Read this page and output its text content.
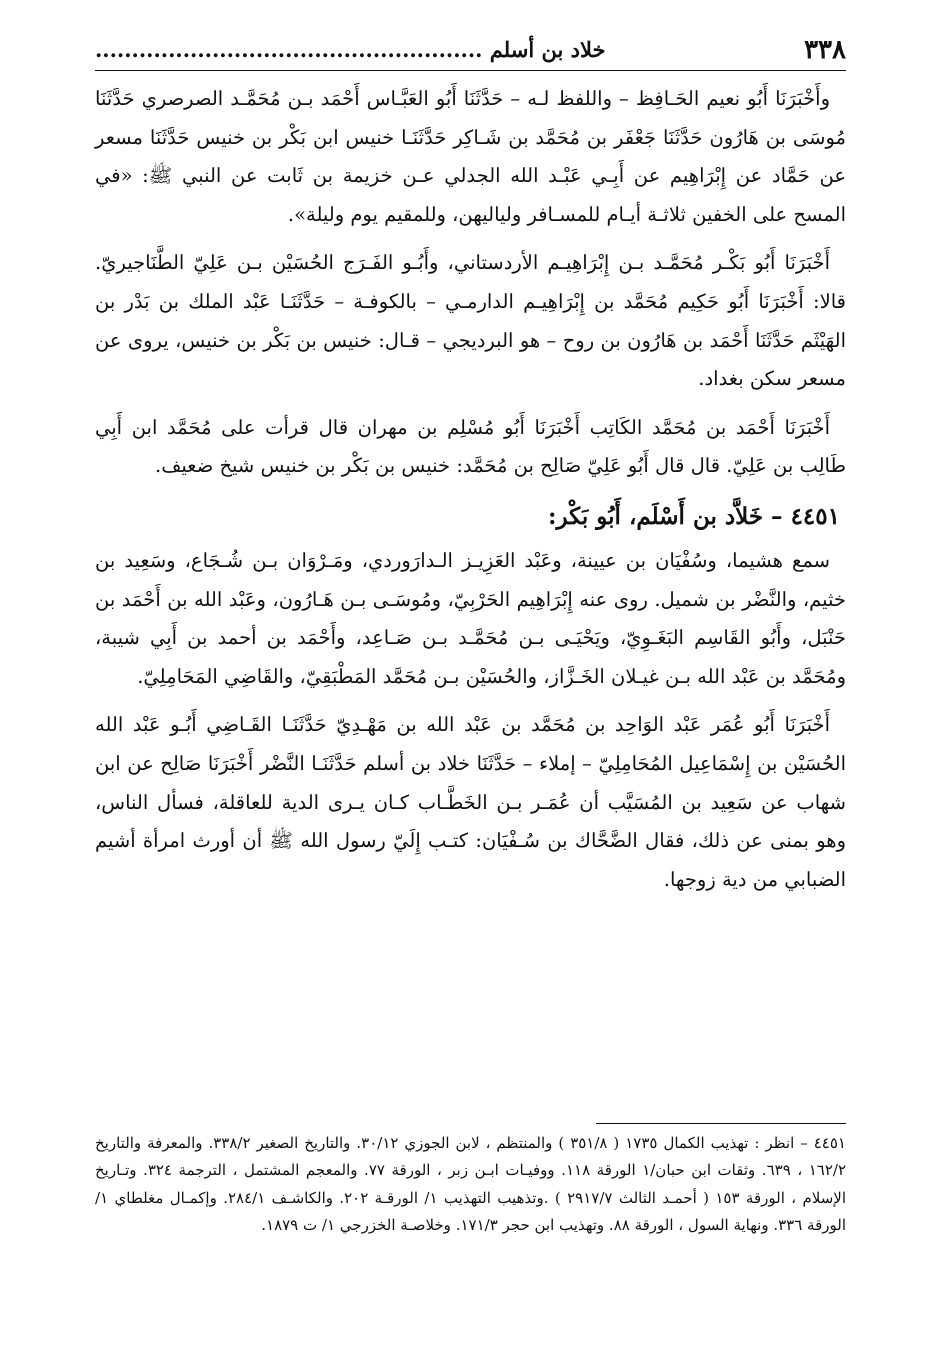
٣٣٨
خلاد بن أسلم .....................................................

وأَخْبَرَنَا أَبُو نعيم الحَـافِظ – واللفظ لـه – حَدَّثَنَا أَبُو العَبَّـاس أَحْمَد بـن مُحَمَّـد الصرصري حَدَّثَنَا مُوسَى بن هَارُون حَدَّثَنَا جَعْفَر بن مُحَمَّد بن شَـاكِر حَدَّثَنَـا خنيس ابن بَكْر بن خنيس حَدَّثَنَا مسعر عن حَمَّاد عن إِبْرَاهِيم عن أَبِـي عَبْـد الله الجدلي عـن خزيمة بن ثَابت عن النبي ﷺ: «في المسح على الخفين ثلاثـة أيـام للمسـافر ولياليهن، وللمقيم يوم وليلة».

أَخْبَرَنَا أَبُو بَكْـر مُحَمَّـد بـن إِبْرَاهِيـم الأردستاني، وأَبُـو الفَـرَج الحُسَيْن بـن عَلِيّ الطَّنَاجيريّ. قالا: أَخْبَرَنَا أَبُو حَكِيم مُحَمَّد بن إِبْرَاهِيـم الدارمـي – بالكوفـة – حَدَّثَنَـا عَبْد الملك بن بَدْر بن الهَيْثَم حَدَّثَنَا أَحْمَد بن هَارُون بن روح – هو البرديجي – قـال: خنيس بن بَكْر بن خنيس، يروى عن مسعر سكن بغداد.

أَخْبَرَنَا أَحْمَد بن مُحَمَّد الكَاتِب أَخْبَرَنَا أَبُو مُسْلِم بن مهران قال قرأت على مُحَمَّد ابن أَبِي طَالِب بن عَلِيّ. قال قال أَبُو عَلِيّ صَالِح بن مُحَمَّد: خنيس بن بَكْر بن خنيس شيخ ضعيف.

٤٤٥١ – خَلاَّد بن أَسْلَم، أَبُو بَكْر:

سمع هشيما، وسُفْيَان بن عيينة، وعَبْد العَزِيـز الـدارَوردي، ومَـرْوَان بـن شُـجَاع، وسَعِيد بن خثيم، والنَّضْر بن شميل. روى عنه إِبْرَاهِيم الحَرْبِيّ، ومُوسَـى بـن هَـارُون، وعَبْد الله بن أَحْمَد بن حَنْبَل، وأَبُو القَاسِم البَغَـوِيّ، ويَحْيَـى بـن مُحَمَّـد بـن صَـاعِد، وأَحْمَد بن أحمد بن أَبِي شيبة، ومُحَمَّد بن عَبْد الله بـن غيـلان الخَـزَّاز، والحُسَيْن بـن مُحَمَّد المَطْبَقِيّ، والقَاضِي المَحَامِلِيّ.

أَخْبَرَنَا أَبُو عُمَر عَبْد الوَاحِد بن مُحَمَّد بن عَبْد الله بن مَهْـدِيّ حَدَّثَنَـا القَـاضِي أَبُـو عَبْد الله الحُسَيْن بن إِسْمَاعِيل المُحَامِلِيّ – إملاء – حَدَّثَنَا خلاد بن أسلم حَدَّثَنَـا النَّضْر أَخْبَرَنَا صَالِح عن ابن شهاب عن سَعِيد بن المُسَيَّب أن عُمَـر بـن الخَطَّـاب كـان يـرى الدية للعاقلة، فسأل الناس، وهو بمنى عن ذلك، فقال الضَّحَّاك بن سُـفْيَان: كتـب إِلَيّ رسول الله ﷺ أن أورث امرأة أشيم الضبابي من دية زوجها.

٤٤٥١ – انظر : تهذيب الكمال ١٧٣٥ ( ٣٥١/٨ ) والمنتظم ، لابن الجوزي ٣٠/١٢. والتاريخ الصغير ٣٣٨/٢. والمعرفة والتاريخ ١٦٢/٢ ، ٦٣٩. وثقات ابن حبان/١ الورقة ١١٨. ووفيـات ابـن زبر ، الورقة ٧٧. والمعجم المشتمل ، الترجمة ٣٢٤. وتـاريخ الإسلام ، الورقة ١٥٣ ( أحمـد الثالث ٢٩١٧/٧ ) .وتذهيب التهذيب ١/ الورقـة ٢٠٢. والكاشـف ٢٨٤/١. وإكمـال مغلطاي ١/ الورقة ٣٣٦. ونهاية السول ، الورقة ٨٨. وتهذيب ابن حجر ١٧١/٣. وخلاصـة الخزرجي ١/ ت ١٨٧٩.
